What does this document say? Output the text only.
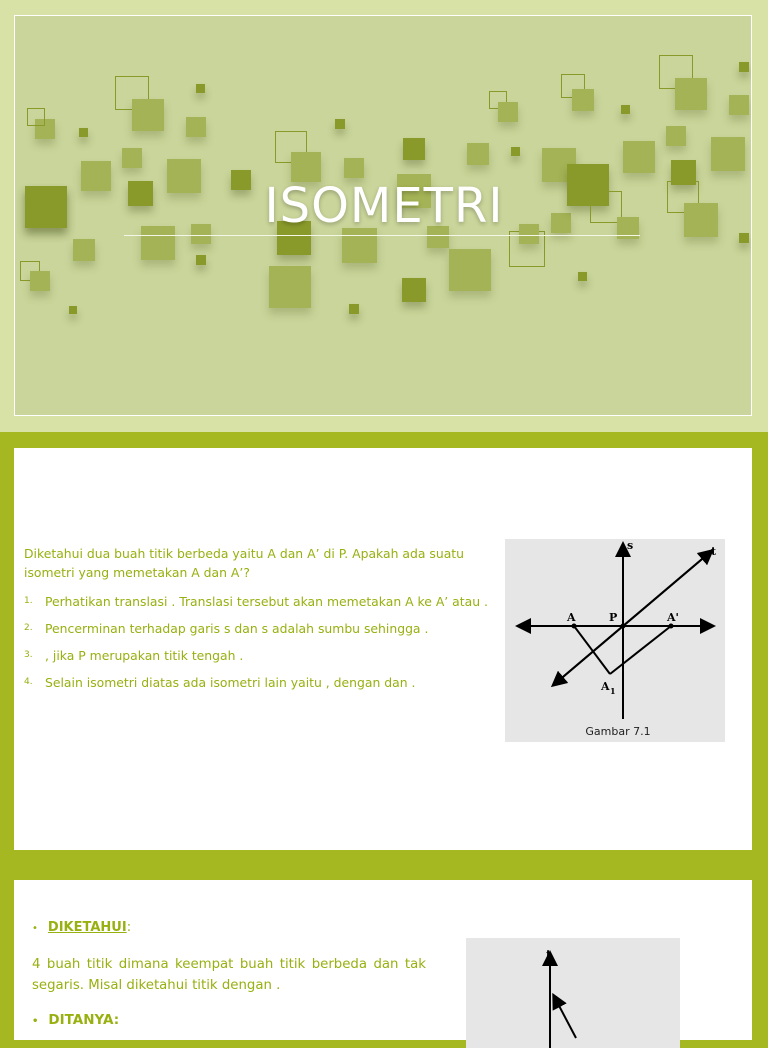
ISOMETRI
Diketahui dua buah titik berbeda yaitu A dan A’ di P. Apakah ada suatu isometri yang memetakan A dan A’?
1. Perhatikan translasi . Translasi tersebut akan memetakan A ke A’ atau .
2. Pencerminan terhadap garis s dan s adalah sumbu sehingga .
3. , jika P merupakan titik tengah .
4. Selain isometri diatas ada isometri lain yaitu , dengan dan .
s	t
A	P	A'
A 1
Gambar 7.1
• DIKETAHUI:
4 buah titik dimana keempat buah titik berbeda dan tak segaris. Misal diketahui titik dengan .
• DITANYA:
t
